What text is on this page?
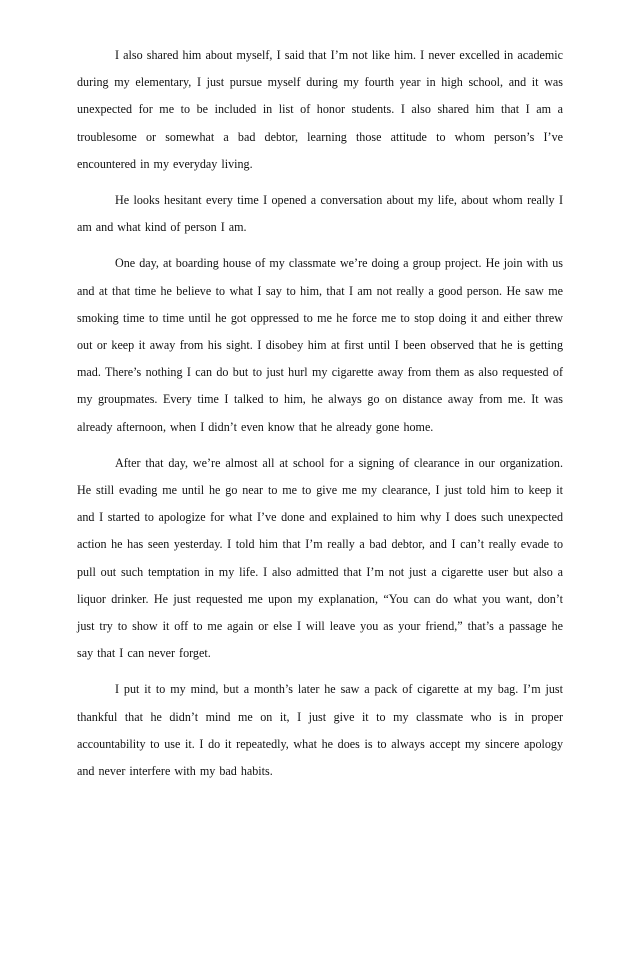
I also shared him about myself, I said that I’m not like him. I never excelled in academic during my elementary, I just pursue myself during my fourth year in high school, and it was unexpected for me to be included in list of honor students. I also shared him that I am a troublesome or somewhat a bad debtor, learning those attitude to whom person’s I’ve encountered in my everyday living.

He looks hesitant every time I opened a conversation about my life, about whom really I am and what kind of person I am.

One day, at boarding house of my classmate we’re doing a group project. He join with us and at that time he believe to what I say to him, that I am not really a good person. He saw me smoking time to time until he got oppressed to me he force me to stop doing it and either threw out or keep it away from his sight. I disobey him at first until I been observed that he is getting mad. There’s nothing I can do but to just hurl my cigarette away from them as also requested of my groupmates. Every time I talked to him, he always go on distance away from me. It was already afternoon, when I didn’t even know that he already gone home.

After that day, we’re almost all at school for a signing of clearance in our organization. He still evading me until he go near to me to give me my clearance, I just told him to keep it and I started to apologize for what I’ve done and explained to him why I does such unexpected action he has seen yesterday. I told him that I’m really a bad debtor, and I can’t really evade to pull out such temptation in my life. I also admitted that I’m not just a cigarette user but also a liquor drinker. He just requested me upon my explanation, “You can do what you want, don’t just try to show it off to me again or else I will leave you as your friend,” that’s a passage he say that I can never forget.

I put it to my mind, but a month’s later he saw a pack of cigarette at my bag. I’m just thankful that he didn’t mind me on it, I just give it to my classmate who is in proper accountability to use it. I do it repeatedly, what he does is to always accept my sincere apology and never interfere with my bad habits.
